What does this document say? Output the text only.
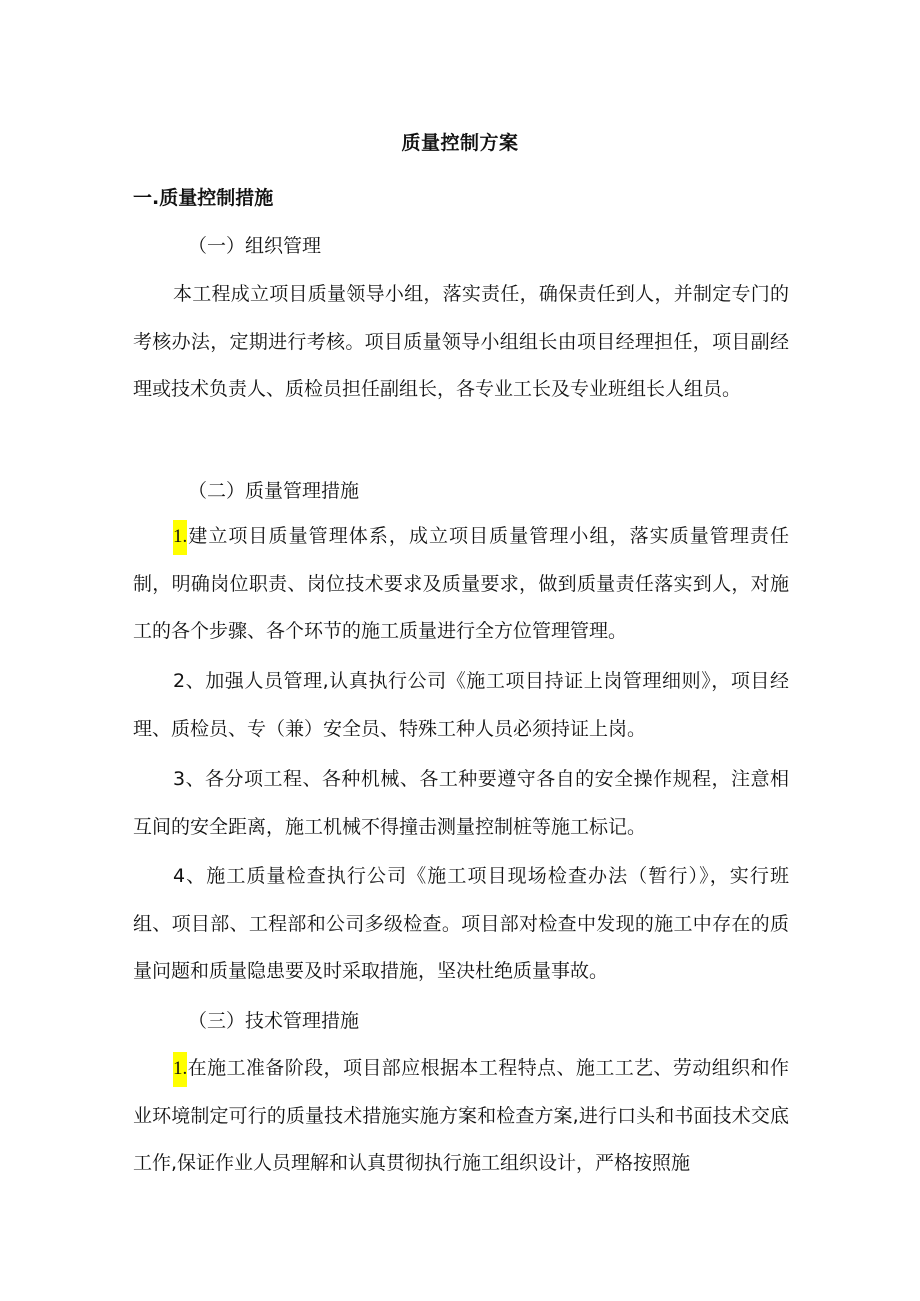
质量控制方案
一.质量控制措施
（一）组织管理
本工程成立项目质量领导小组，落实责任，确保责任到人，并制定专门的考核办法，定期进行考核。项目质量领导小组组长由项目经理担任，项目副经理或技术负责人、质检员担任副组长，各专业工长及专业班组长人组员。
（二）质量管理措施
1.建立项目质量管理体系，成立项目质量管理小组，落实质量管理责任制，明确岗位职责、岗位技术要求及质量要求，做到质量责任落实到人，对施工的各个步骤、各个环节的施工质量进行全方位管理管理。
2、加强人员管理,认真执行公司《施工项目持证上岗管理细则》，项目经理、质检员、专（兼）安全员、特殊工种人员必须持证上岗。
3、各分项工程、各种机械、各工种要遵守各自的安全操作规程，注意相互间的安全距离，施工机械不得撞击测量控制桩等施工标记。
4、施工质量检查执行公司《施工项目现场检查办法（暂行）》，实行班组、项目部、工程部和公司多级检查。项目部对检查中发现的施工中存在的质量问题和质量隐患要及时采取措施，坚决杜绝质量事故。
（三）技术管理措施
1.在施工准备阶段，项目部应根据本工程特点、施工工艺、劳动组织和作业环境制定可行的质量技术措施实施方案和检查方案,进行口头和书面技术交底工作,保证作业人员理解和认真贯彻执行施工组织设计，严格按照施
